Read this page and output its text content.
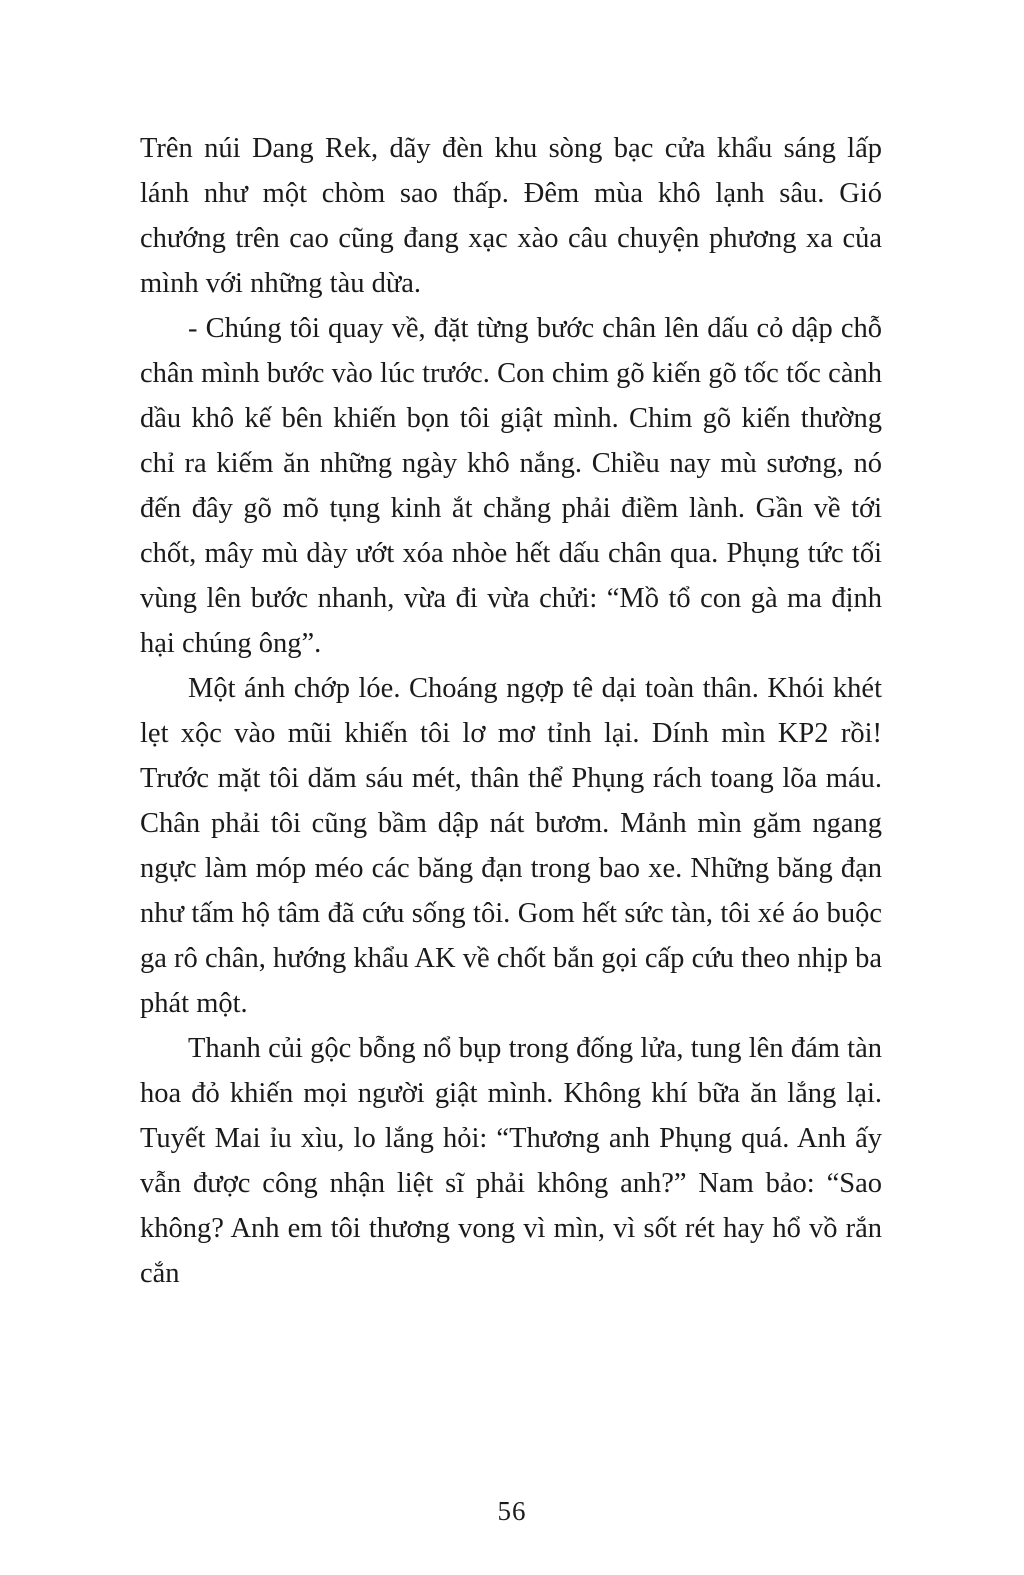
Trên núi Dang Rek, dãy đèn khu sòng bạc cửa khẩu sáng lấp lánh như một chòm sao thấp. Đêm mùa khô lạnh sâu. Gió chướng trên cao cũng đang xạc xào câu chuyện phương xa của mình với những tàu dừa.

- Chúng tôi quay về, đặt từng bước chân lên dấu cỏ dập chỗ chân mình bước vào lúc trước. Con chim gõ kiến gõ tốc tốc cành dầu khô kế bên khiến bọn tôi giật mình. Chim gõ kiến thường chỉ ra kiếm ăn những ngày khô nắng. Chiều nay mù sương, nó đến đây gõ mõ tụng kinh ắt chẳng phải điềm lành. Gần về tới chốt, mây mù dày ướt xóa nhòe hết dấu chân qua. Phụng tức tối vùng lên bước nhanh, vừa đi vừa chửi: “Mồ tổ con gà ma định hại chúng ông”.

Một ánh chớp lóe. Choáng ngợp tê dại toàn thân. Khói khét lẹt xộc vào mũi khiến tôi lơ mơ tỉnh lại. Dính mìn KP2 rồi! Trước mặt tôi dăm sáu mét, thân thể Phụng rách toang lõa máu. Chân phải tôi cũng bầm dập nát bươm. Mảnh mìn găm ngang ngực làm móp méo các băng đạn trong bao xe. Những băng đạn như tấm hộ tâm đã cứu sống tôi. Gom hết sức tàn, tôi xé áo buộc ga rô chân, hướng khẩu AK về chốt bắn gọi cấp cứu theo nhịp ba phát một.

Thanh củi gộc bỗng nổ bụp trong đống lửa, tung lên đám tàn hoa đỏ khiến mọi người giật mình. Không khí bữa ăn lắng lại. Tuyết Mai ỉu xìu, lo lắng hỏi: “Thương anh Phụng quá. Anh ấy vẫn được công nhận liệt sĩ phải không anh?” Nam bảo: “Sao không? Anh em tôi thương vong vì mìn, vì sốt rét hay hổ vồ rắn cắn

56
